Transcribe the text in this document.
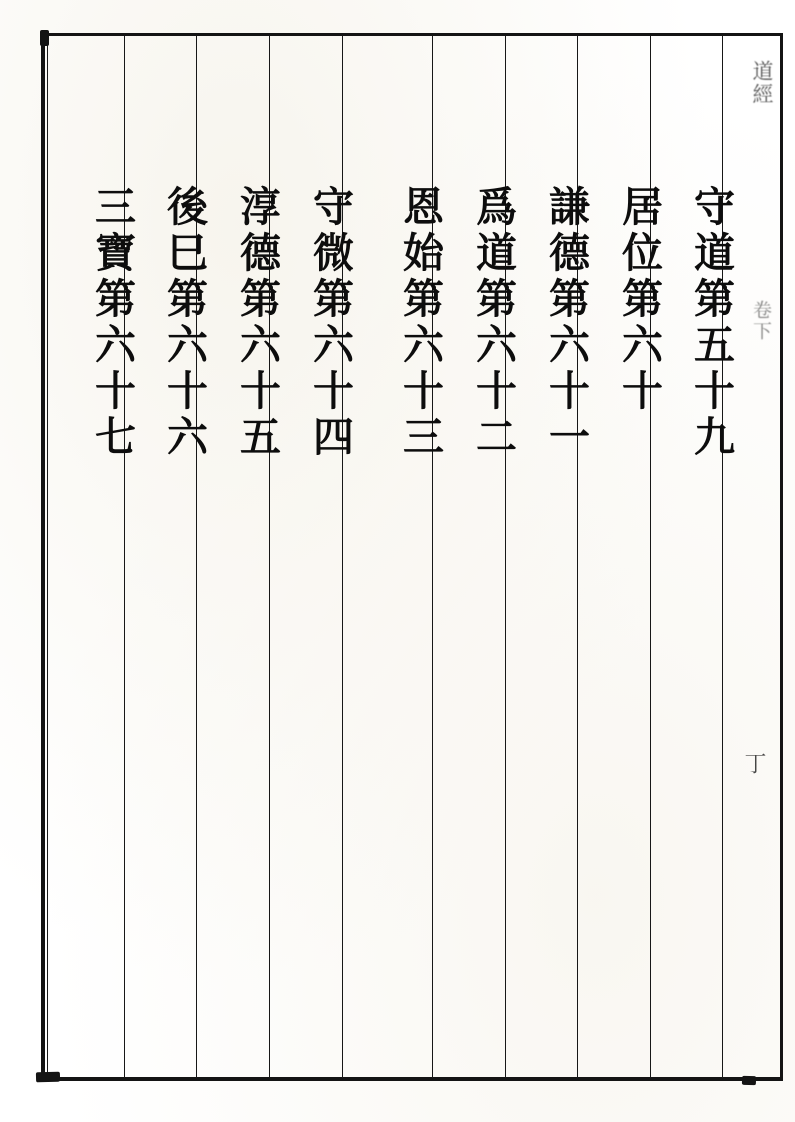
守道第五十九
居位第六十
謙德第六十一
爲道第六十二
恩始第六十三
守微第六十四
淳德第六十五
後巳第六十六
三寶第六十七
道經
卷下
丁
